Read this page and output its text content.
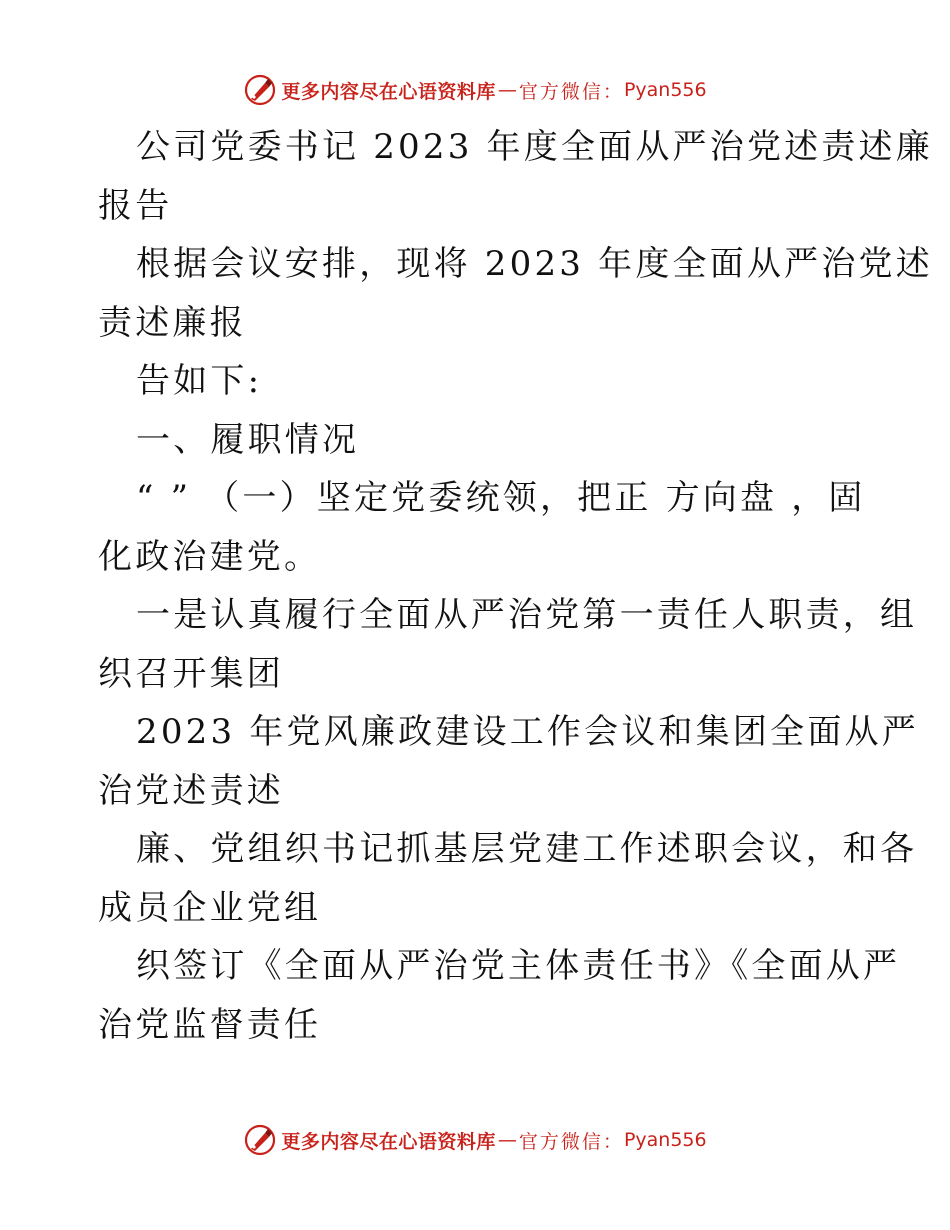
更多内容尽在心语资料库 — 官方微信： Pyan556
公司党委书记 2023 年度全面从严治党述责述廉
报告
根据会议安排，现将 2023 年度全面从严治党述
责述廉报
告如下:
一、履职情况
“ ” （一）坚定党委统领，把正 方向盘 ，固
化政治建党。
一是认真履行全面从严治党第一责任人职责，组
织召开集团
2023 年党风廉政建设工作会议和集团全面从严
治党述责述
廉、党组织书记抓基层党建工作述职会议，和各
成员企业党组
织签订《全面从严治党主体责任书》《全面从严
治党监督责任
更多内容尽在心语资料库 — 官方微信： Pyan556
